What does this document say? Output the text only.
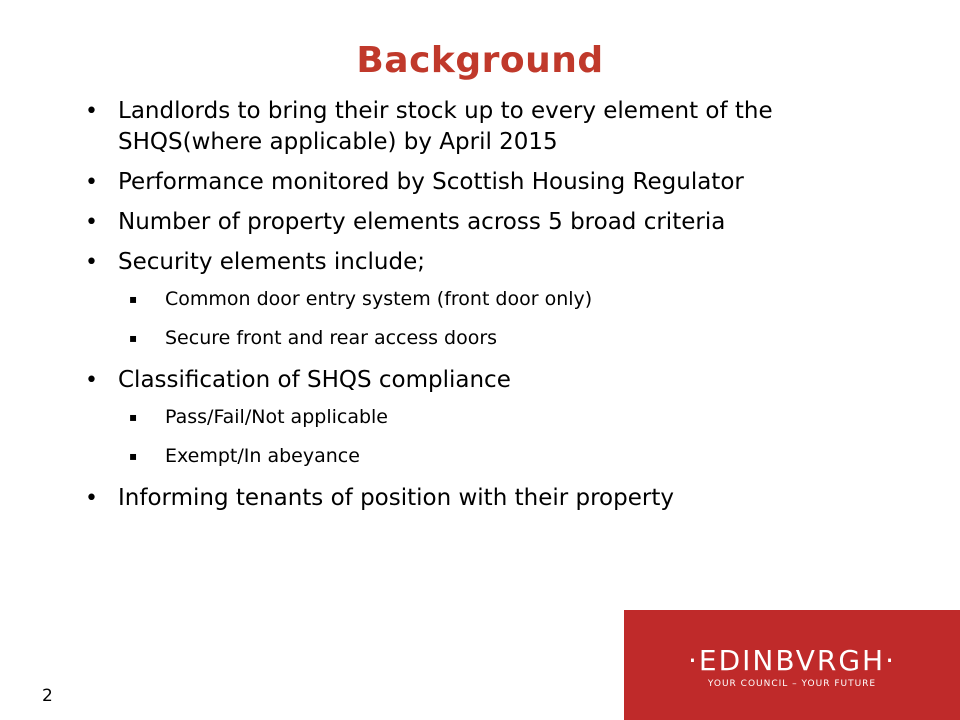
Background
• Landlords to bring their stock up to every element of the SHQS(where applicable) by April 2015
• Performance monitored by Scottish Housing Regulator
• Number of property elements across 5 broad criteria
• Security elements include;
▪ Common door entry system (front door only)
▪ Secure front and rear access doors
• Classification of SHQS compliance
▪ Pass/Fail/Not applicable
▪ Exempt/In abeyance
• Informing tenants of position with their property
2
·EDINBVRGH·
YOUR COUNCIL – YOUR FUTURE
